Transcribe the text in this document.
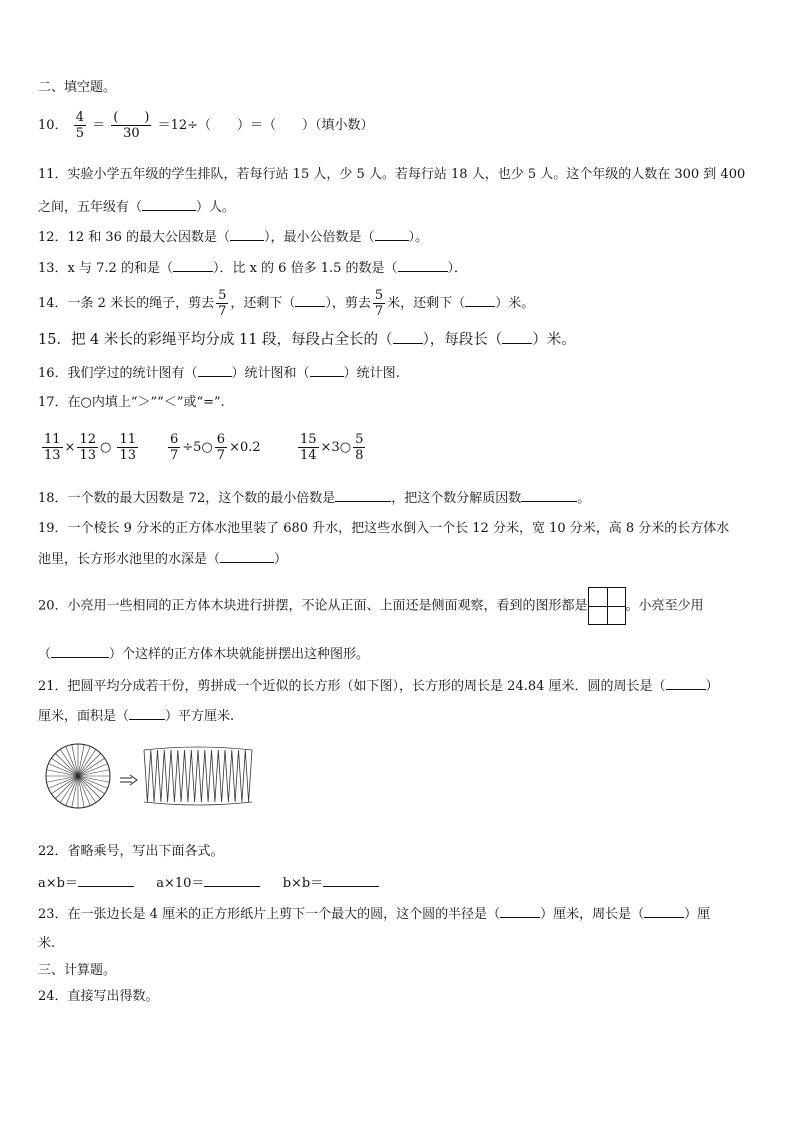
二、填空题。
10． $\frac{4}{5} = \frac{( )}{30} =12\div$（　　）＝（　　）（填小数）
11．实验小学五年级的学生排队，若每行站 15 人，少 5 人。若每行站 18 人，也少 5 人。这个年级的人数在 300 到 400
之间，五年级有（	）人。
12．12 和 36 的最大公因数是（	），最小公倍数是（	）。
13．x 与 7.2 的和是（	）．比 x 的 6 倍多 1.5 的数是（	）．
14．一条 2 米长的绳子，剪去 $\frac{5}{7}$ ，还剩下（ ），剪去 $\frac{5}{7}$ 米，还剩下（ ）米。
15．把 4 米长的彩绳平均分成 11 段，每段占全长的（ ），每段长（ ）米。
16．我们学过的统计图有（	）统计图和（	）统计图.
17．在○内填上“＞”“＜”或“=”.
$\frac{11}{13} \times \frac{12}{13}$ ○ $\frac{11}{13} \frac{6}{7}$ ÷5○ $\frac{6}{7} \times 0.2$	$\frac{15}{14}$ ×3○ $\frac{5}{8}$
18．一个数的最大因数是 72，这个数的最小倍数是	，把这个数分解质因数	。
19．一个棱长 9 分米的正方体水池里装了 680 升水，把这些水倒入一个长 12 分米，宽 10 分米，高 8 分米的长方体水
池里，长方形水池里的水深是（	）
20．小亮用一些相同的正方体木块进行拼摆，不论从正面、上面还是侧面观察，看到的图形都是	。小亮至少用
（	）个这样的正方体木块就能拼摆出这种图形。
21．把圆平均分成若干份，剪拼成一个近似的长方形（如下图），长方形的周长是 24.84 厘米．圆的周长是（	）
厘米，面积是（	）平方厘米.
22．省略乘号，写出下面各式。
a×b＝	a×10＝	b×b＝
23．在一张边长是 4 厘米的正方形纸片上剪下一个最大的圆，这个圆的半径是（	）厘米，周长是（	）厘
米.
三、计算题。
24．直接写出得数。
